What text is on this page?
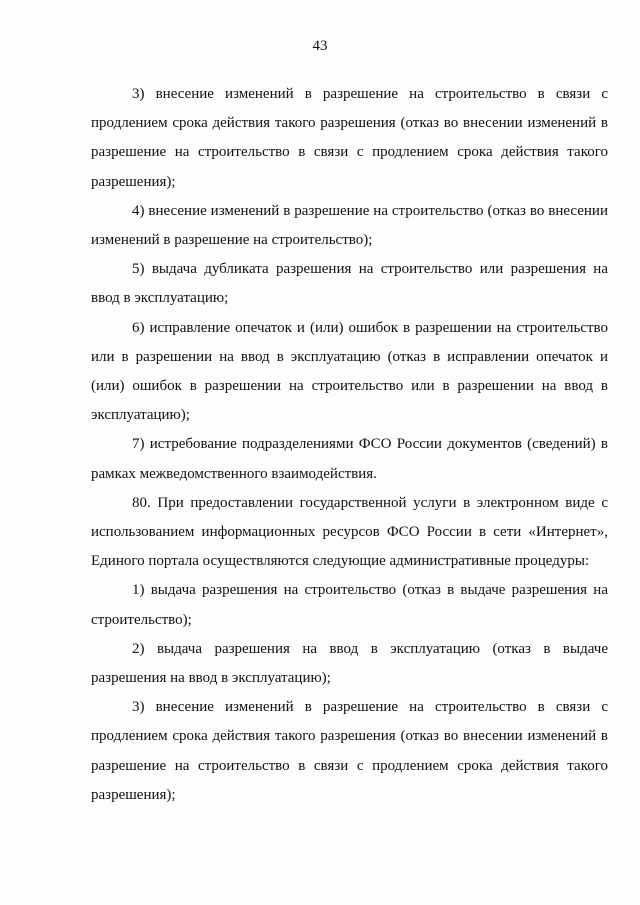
43

3) внесение изменений в разрешение на строительство в связи с продлением срока действия такого разрешения (отказ во внесении изменений в разрешение на строительство в связи с продлением срока действия такого разрешения);

4) внесение изменений в разрешение на строительство (отказ во внесении изменений в разрешение на строительство);

5) выдача дубликата разрешения на строительство или разрешения на ввод в эксплуатацию;

6) исправление опечаток и (или) ошибок в разрешении на строительство или в разрешении на ввод в эксплуатацию (отказ в исправлении опечаток и (или) ошибок в разрешении на строительство или в разрешении на ввод в эксплуатацию);

7) истребование подразделениями ФСО России документов (сведений) в рамках межведомственного взаимодействия.

80. При предоставлении государственной услуги в электронном виде с использованием информационных ресурсов ФСО России в сети «Интернет», Единого портала осуществляются следующие административные процедуры:

1) выдача разрешения на строительство (отказ в выдаче разрешения на строительство);

2) выдача разрешения на ввод в эксплуатацию (отказ в выдаче разрешения на ввод в эксплуатацию);

3) внесение изменений в разрешение на строительство в связи с продлением срока действия такого разрешения (отказ во внесении изменений в разрешение на строительство в связи с продлением срока действия такого разрешения);
